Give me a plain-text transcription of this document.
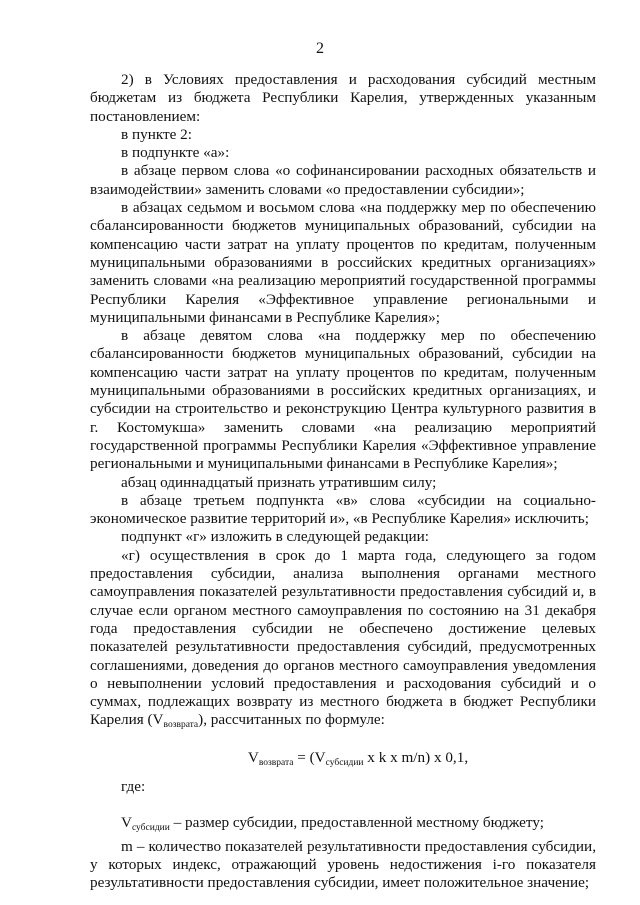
2

2) в Условиях предоставления и расходования субсидий местным бюджетам из бюджета Республики Карелия, утвержденных указанным постановлением:

в пункте 2:

в подпункте «а»:

в абзаце первом слова «о софинансировании расходных обязательств и взаимодействии» заменить словами «о предоставлении субсидии»;

в абзацах седьмом и восьмом слова «на поддержку мер по обеспечению сбалансированности бюджетов муниципальных образований, субсидии на компенсацию части затрат на уплату процентов по кредитам, полученным муниципальными образованиями в российских кредитных организациях» заменить словами «на реализацию мероприятий государственной программы Республики Карелия «Эффективное управление региональными и муниципальными финансами в Республике Карелия»;

в абзаце девятом слова «на поддержку мер по обеспечению сбалансированности бюджетов муниципальных образований, субсидии на компенсацию части затрат на уплату процентов по кредитам, полученным муниципальными образованиями в российских кредитных организациях, и субсидии на строительство и реконструкцию Центра культурного развития в г. Костомукша» заменить словами «на реализацию мероприятий государственной программы Республики Карелия «Эффективное управление региональными и муниципальными финансами в Республике Карелия»;

абзац одиннадцатый признать утратившим силу;

в абзаце третьем подпункта «в» слова «субсидии на социально-экономическое развитие территорий и», «в Республике Карелия» исключить;

подпункт «г» изложить в следующей редакции:

«г) осуществления в срок до 1 марта года, следующего за годом предоставления субсидии, анализа выполнения органами местного самоуправления показателей результативности предоставления субсидий и, в случае если органом местного самоуправления по состоянию на 31 декабря года предоставления субсидии не обеспечено достижение целевых показателей результативности предоставления субсидий, предусмотренных соглашениями, доведения до органов местного самоуправления уведомления о невыполнении условий предоставления и расходования субсидий и о суммах, подлежащих возврату из местного бюджета в бюджет Республики Карелия $(V_{возврата})$, рассчитанных по формуле:

$V_{возврата} = (V_{субсидии}$ x k x m/n) x 0,1,

где:

$V_{субсидии}$ – размер субсидии, предоставленной местному бюджету;

m – количество показателей результативности предоставления субсидии, у которых индекс, отражающий уровень недостижения i-го показателя результативности предоставления субсидии, имеет положительное значение;
